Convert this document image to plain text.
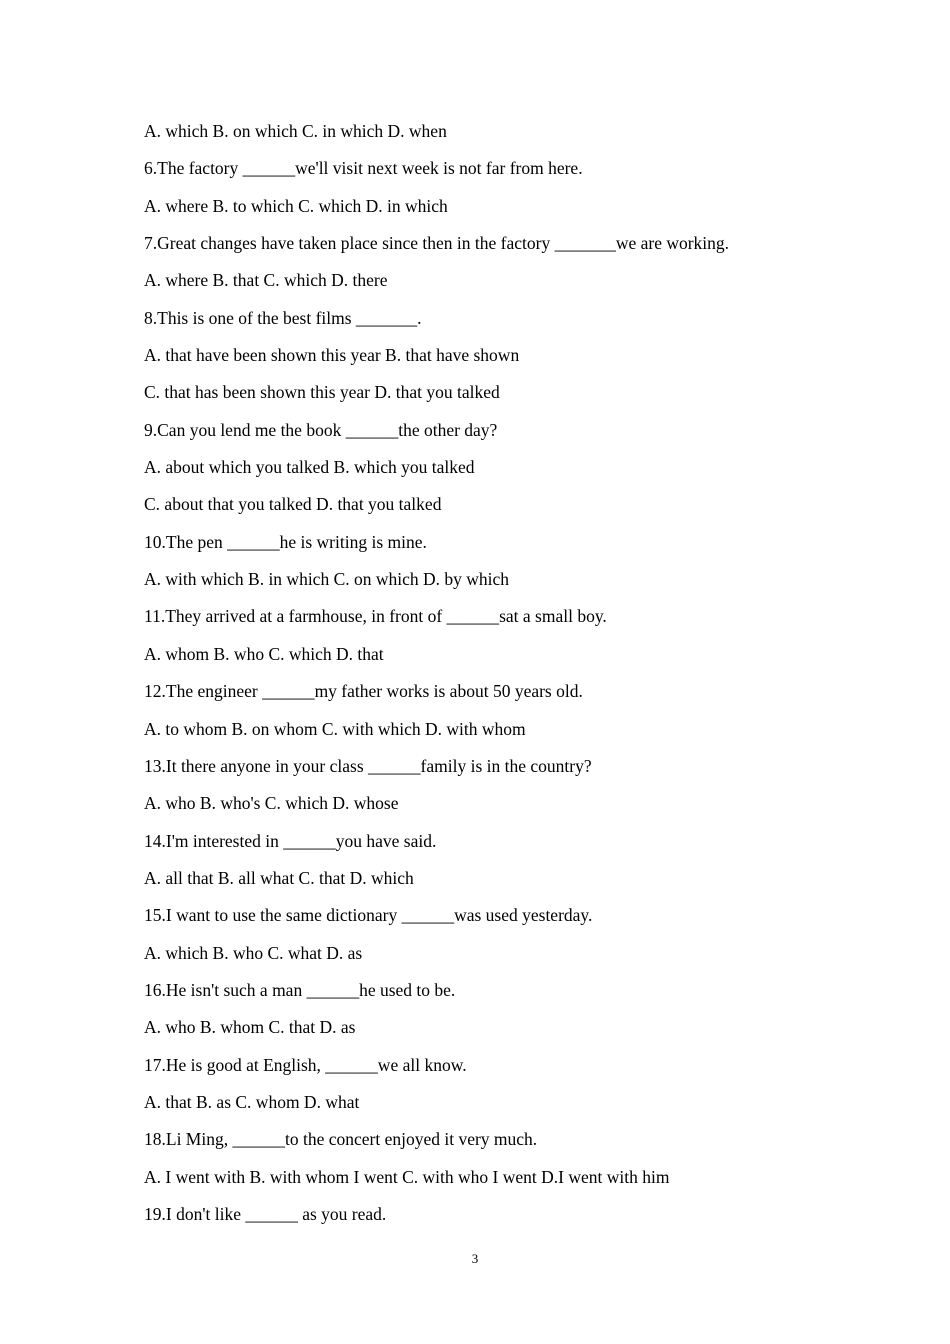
A. which B. on which C. in which D. when

6.The factory ______we'll visit next week is not far from here.

A. where B. to which C. which D. in which

7.Great changes have taken place since then in the factory _______we are working.

A. where B. that C. which D. there

8.This is one of the best films _______.

A. that have been shown this year B. that have shown

C. that has been shown this year D. that you talked

9.Can you lend me the book ______the other day?

A. about which you talked B. which you talked

C. about that you talked D. that you talked

10.The pen ______he is writing is mine.

A. with which B. in which C. on which D. by which

11.They arrived at a farmhouse, in front of ______sat a small boy.

A. whom B. who C. which D. that

12.The engineer ______my father works is about 50 years old.

A. to whom B. on whom C. with which D. with whom

13.It there anyone in your class ______family is in the country?

A. who B. who's C. which D. whose

14.I'm interested in ______you have said.

A. all that B. all what C. that D. which

15.I want to use the same dictionary ______was used yesterday.

A. which B. who C. what D. as

16.He isn't such a man ______he used to be.

A. who B. whom C. that D. as

17.He is good at English, ______we all know.

A. that B. as C. whom D. what

18.Li Ming, ______to the concert enjoyed it very much.

A. I went with B. with whom I went C. with who I went D.I went with him

19.I don't like ______ as you read.

3
